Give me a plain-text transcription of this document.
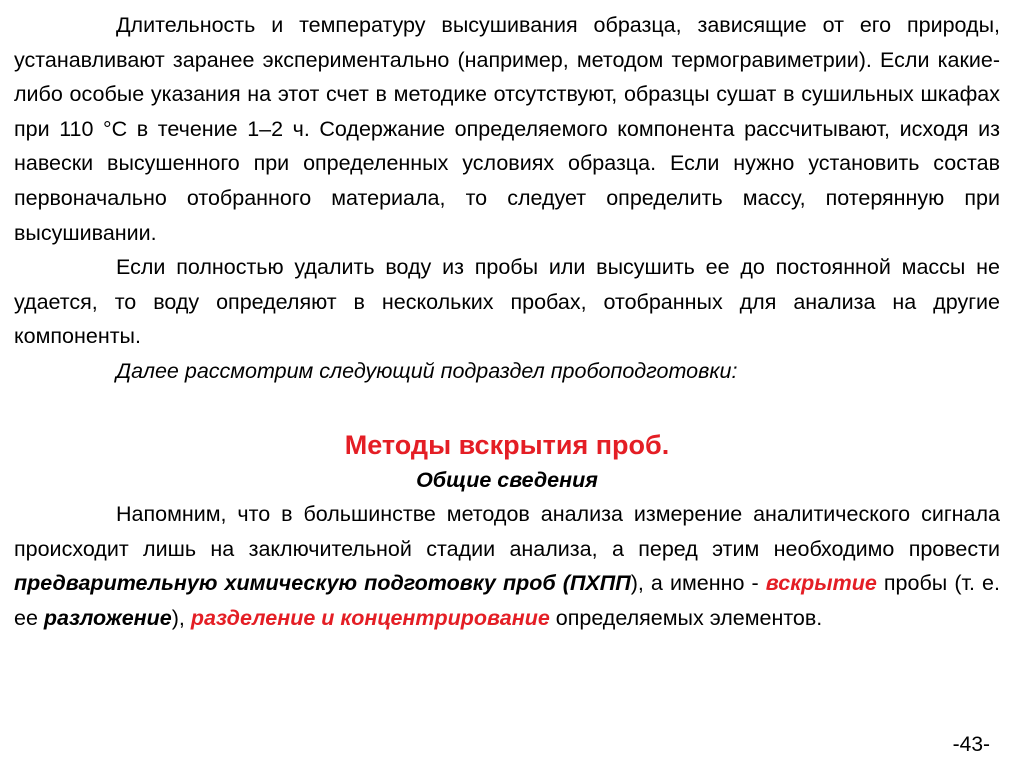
Длительность и температуру высушивания образца, зависящие от его природы, устанавливают заранее экспериментально (например, методом термогравиметрии). Если какие-либо особые указания на этот счет в методике отсутствуют, образцы сушат в сушильных шкафах при 110 °С в течение 1–2 ч. Содержание определяемого компонента рассчитывают, исходя из навески высушенного при определенных условиях образца. Если нужно установить состав первоначально отобранного материала, то следует определить массу, потерянную при высушивании.

Если полностью удалить воду из пробы или высушить ее до постоянной массы не удается, то воду определяют в нескольких пробах, отобранных для анализа на другие компоненты.

Далее рассмотрим следующий подраздел пробоподготовки:

Методы вскрытия проб.

Общие сведения

Напомним, что в большинстве методов анализа измерение аналитического сигнала происходит лишь на заключительной стадии анализа, а перед этим необходимо провести предварительную химическую подготовку проб (ПХПП), а именно - вскрытие пробы (т. е. ее разложение), разделение и концентрирование определяемых элементов.

-43-
